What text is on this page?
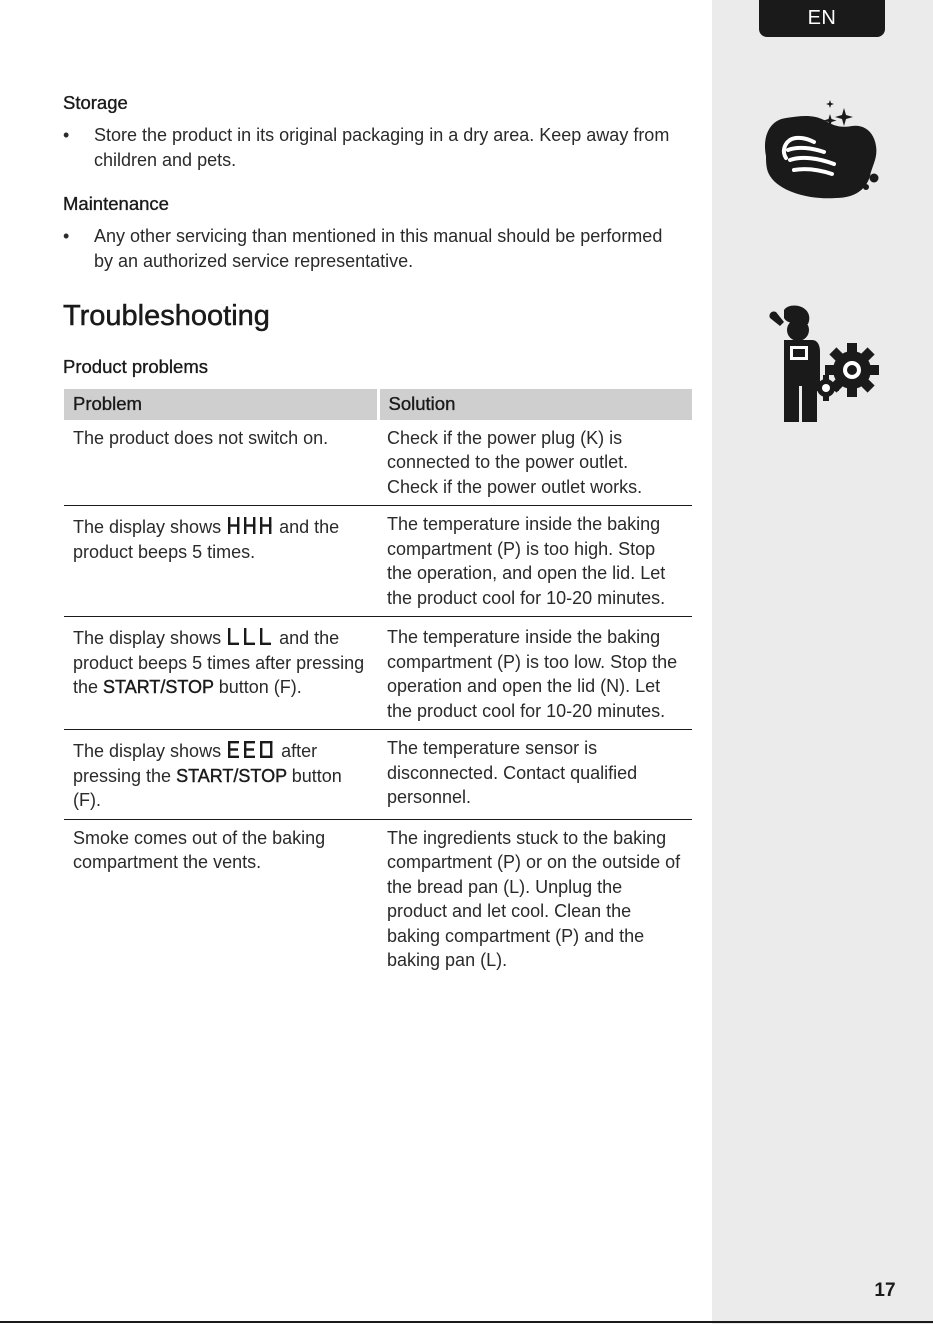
EN
Storage
•	Store the product in its original packaging in a dry area. Keep away from children and pets.
Maintenance
•	Any other servicing than mentioned in this manual should be performed by an authorized service representative.
Troubleshooting
Product problems
Problem	Solution
The product does not switch on.	Check if the power plug (K) is connected to the power outlet. Check if the power outlet works.
The display shows and the product beeps 5 times.	The temperature inside the baking compartment (P) is too high. Stop the operation, and open the lid. Let the product cool for 10-20 minutes.
The display shows and the product beeps 5 times after pressing the START/STOP button (F).	The temperature inside the baking compartment (P) is too low. Stop the operation and open the lid (N). Let the product cool for 10-20 minutes.
The display shows after pressing the START/STOP button (F).	The temperature sensor is disconnected. Contact qualified personnel.
Smoke comes out of the baking compartment the vents.	The ingredients stuck to the baking compartment (P) or on the outside of the bread pan (L). Unplug the product and let cool. Clean the baking compartment (P) and the baking pan (L).
17
